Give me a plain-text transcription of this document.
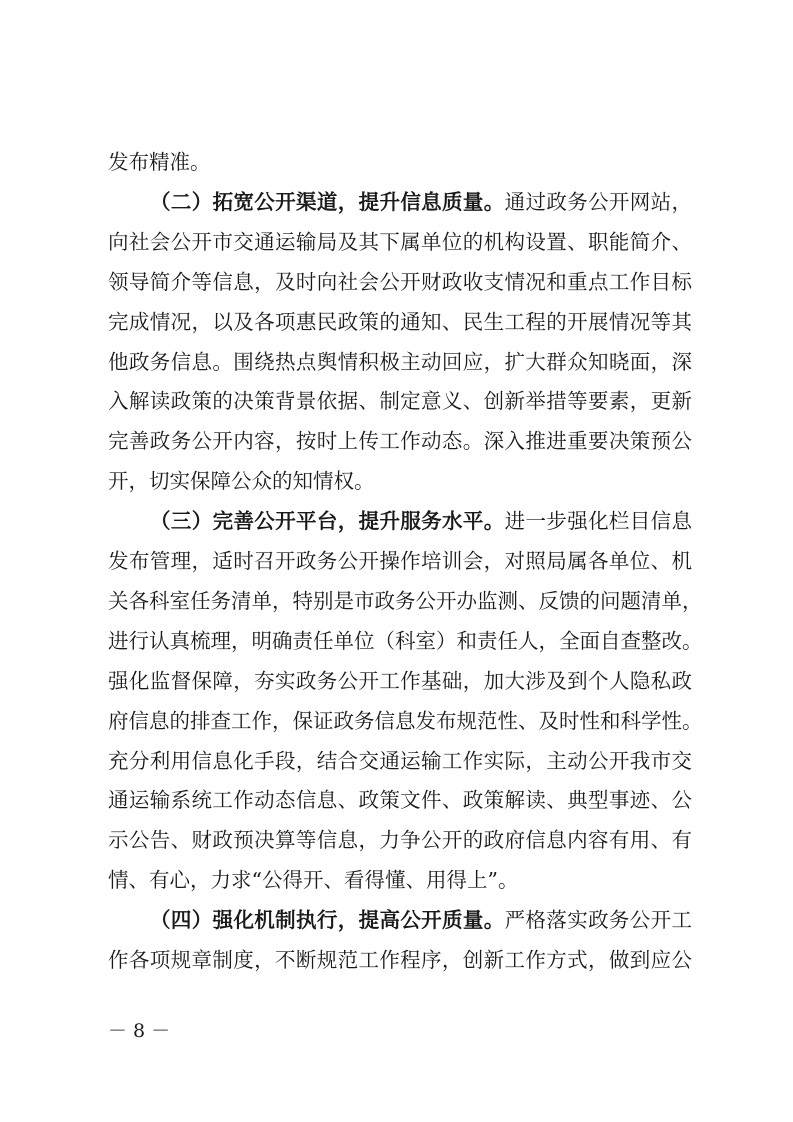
发布精准。
（二）拓宽公开渠道，提升信息质量。通过政务公开网站，
向社会公开市交通运输局及其下属单位的机构设置、职能简介、
领导简介等信息，及时向社会公开财政收支情况和重点工作目标
完成情况，以及各项惠民政策的通知、民生工程的开展情况等其
他政务信息。围绕热点舆情积极主动回应，扩大群众知晓面，深
入解读政策的决策背景依据、制定意义、创新举措等要素，更新
完善政务公开内容，按时上传工作动态。深入推进重要决策预公
开，切实保障公众的知情权。
（三）完善公开平台，提升服务水平。进一步强化栏目信息
发布管理，适时召开政务公开操作培训会，对照局属各单位、机
关各科室任务清单，特别是市政务公开办监测、反馈的问题清单，
进行认真梳理，明确责任单位（科室）和责任人，全面自查整改。
强化监督保障，夯实政务公开工作基础，加大涉及到个人隐私政
府信息的排查工作，保证政务信息发布规范性、及时性和科学性。
充分利用信息化手段，结合交通运输工作实际，主动公开我市交
通运输系统工作动态信息、政策文件、政策解读、典型事迹、公
示公告、财政预决算等信息，力争公开的政府信息内容有用、有
情、有心，力求“公得开、看得懂、用得上”。
（四）强化机制执行，提高公开质量。严格落实政务公开工
作各项规章制度，不断规范工作程序，创新工作方式，做到应公
－ 8 －
